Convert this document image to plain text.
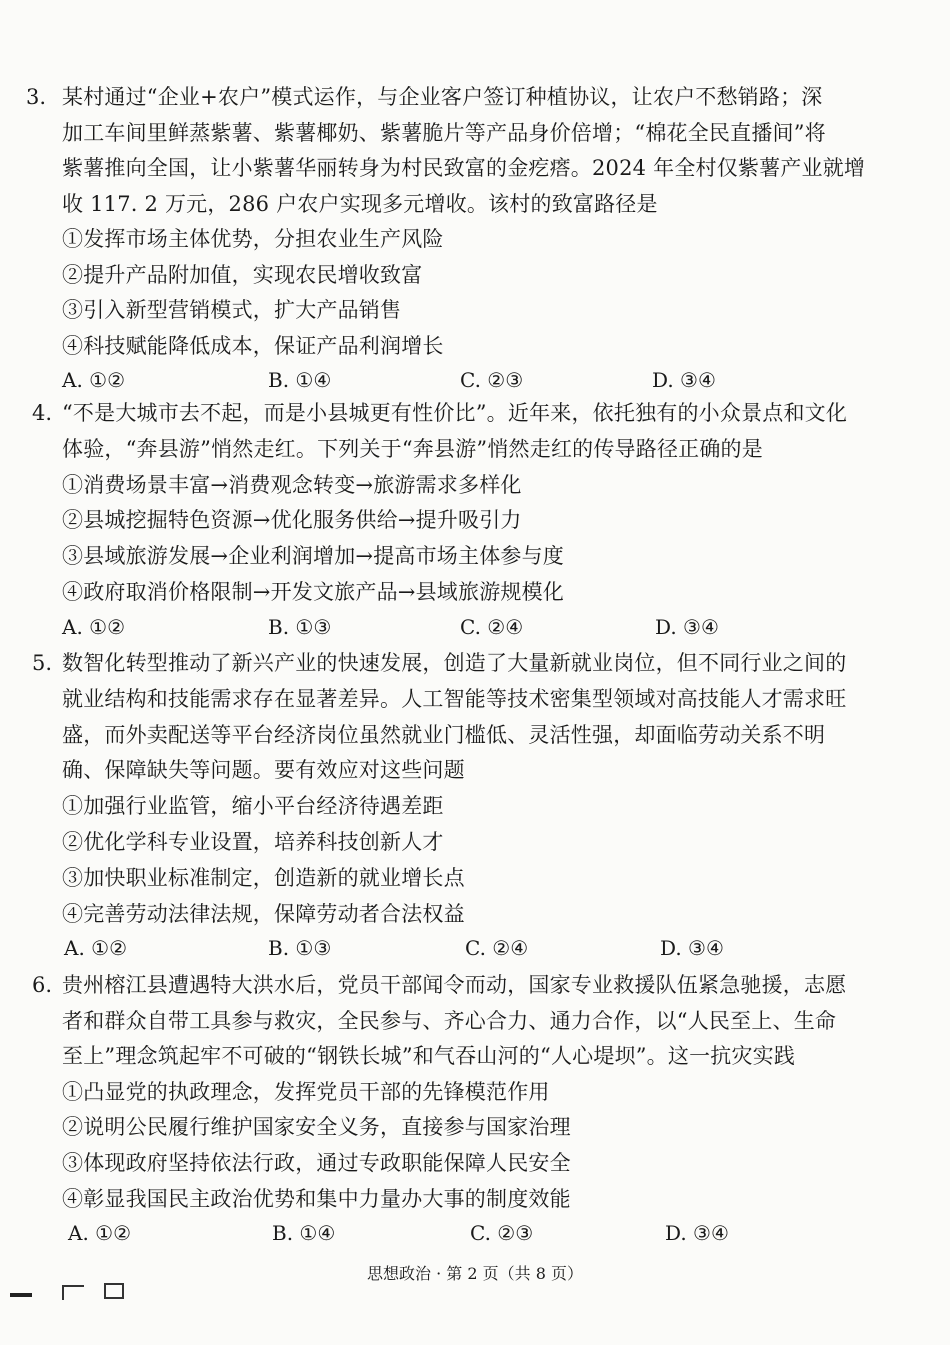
3. 某村通过“企业+农户”模式运作，与企业客户签订种植协议，让农户不愁销路；深
加工车间里鲜蒸紫薯、紫薯椰奶、紫薯脆片等产品身价倍增；“棉花全民直播间”将
紫薯推向全国，让小紫薯华丽转身为村民致富的金疙瘩。2024 年全村仅紫薯产业就增
收 117. 2 万元，286 户农户实现多元增收。该村的致富路径是
①发挥市场主体优势，分担农业生产风险
②提升产品附加值，实现农民增收致富
③引入新型营销模式，扩大产品销售
④科技赋能降低成本，保证产品利润增长
A. ①②	B. ①④	C. ②③	D. ③④
4. “不是大城市去不起，而是小县城更有性价比”。近年来，依托独有的小众景点和文化
体验，“奔县游”悄然走红。下列关于“奔县游”悄然走红的传导路径正确的是
①消费场景丰富→消费观念转变→旅游需求多样化
②县城挖掘特色资源→优化服务供给→提升吸引力
③县域旅游发展→企业利润增加→提高市场主体参与度
④政府取消价格限制→开发文旅产品→县域旅游规模化
A. ①②	B. ①③	C. ②④	D. ③④
5. 数智化转型推动了新兴产业的快速发展，创造了大量新就业岗位，但不同行业之间的
就业结构和技能需求存在显著差异。人工智能等技术密集型领域对高技能人才需求旺
盛，而外卖配送等平台经济岗位虽然就业门槛低、灵活性强，却面临劳动关系不明
确、保障缺失等问题。要有效应对这些问题
①加强行业监管，缩小平台经济待遇差距
②优化学科专业设置，培养科技创新人才
③加快职业标准制定，创造新的就业增长点
④完善劳动法律法规，保障劳动者合法权益
A. ①②	B. ①③	C. ②④	D. ③④
6. 贵州榕江县遭遇特大洪水后，党员干部闻令而动，国家专业救援队伍紧急驰援，志愿
者和群众自带工具参与救灾，全民参与、齐心合力、通力合作，以“人民至上、生命
至上”理念筑起牢不可破的“钢铁长城”和气吞山河的“人心堤坝”。这一抗灾实践
①凸显党的执政理念，发挥党员干部的先锋模范作用
②说明公民履行维护国家安全义务，直接参与国家治理
③体现政府坚持依法行政，通过专政职能保障人民安全
④彰显我国民主政治优势和集中力量办大事的制度效能
A. ①②	B. ①④	C. ②③	D. ③④
思想政治 · 第 2 页（共 8 页）
